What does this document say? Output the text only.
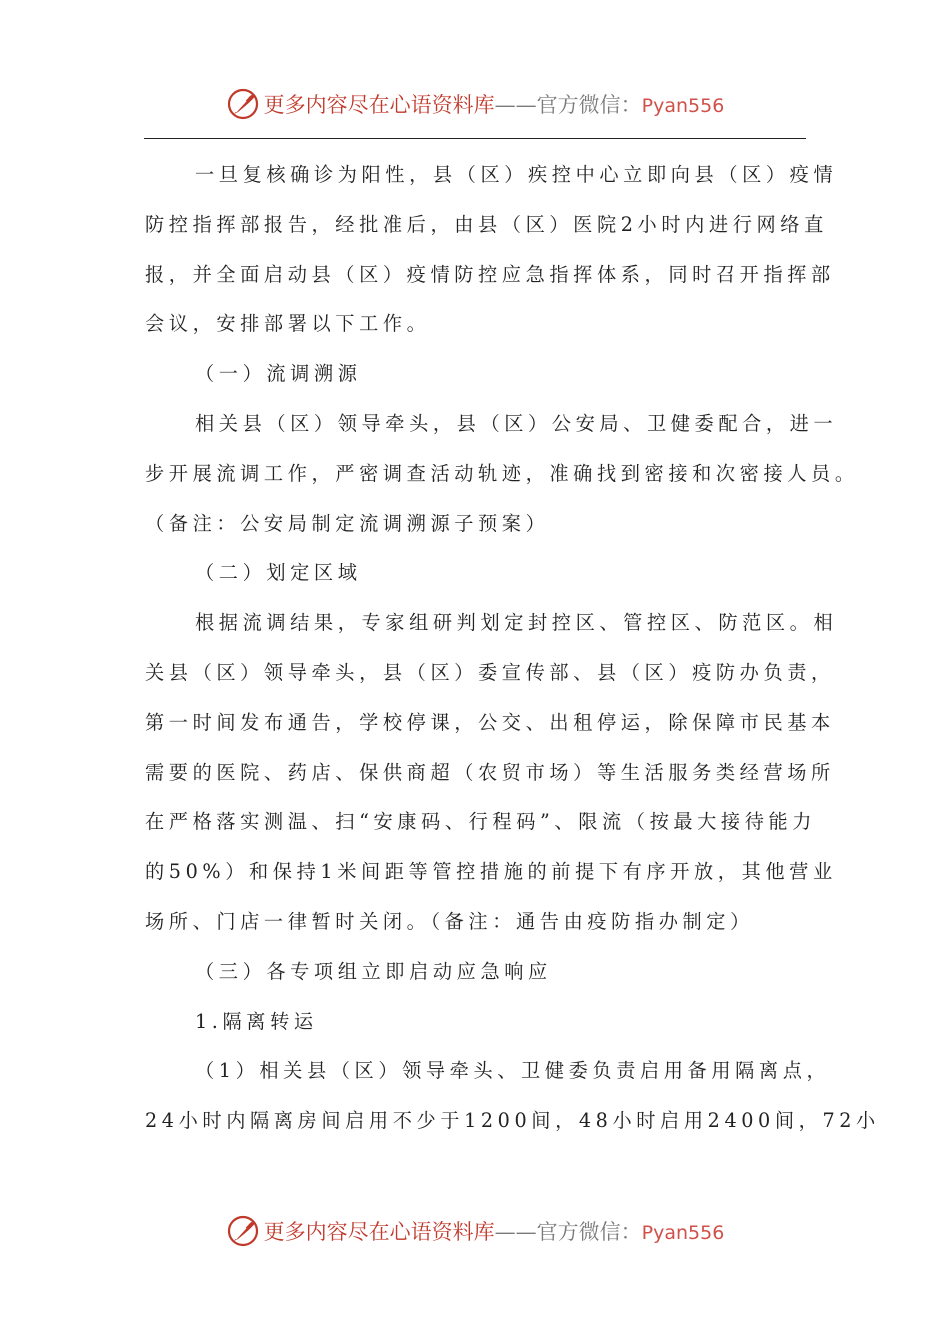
更多内容尽在心语资料库——官方微信：Pyan556

一旦复核确诊为阳性，县（区）疾控中心立即向县（区）疫情
防控指挥部报告，经批准后，由县（区）医院2小时内进行网络直
报，并全面启动县（区）疫情防控应急指挥体系，同时召开指挥部
会议，安排部署以下工作。

（一）流调溯源

相关县（区）领导牵头，县（区）公安局、卫健委配合，进一
步开展流调工作，严密调查活动轨迹，准确找到密接和次密接人员。
（备注：公安局制定流调溯源子预案）

（二）划定区域

根据流调结果，专家组研判划定封控区、管控区、防范区。相
关县（区）领导牵头，县（区）委宣传部、县（区）疫防办负责，
第一时间发布通告，学校停课，公交、出租停运，除保障市民基本
需要的医院、药店、保供商超（农贸市场）等生活服务类经营场所
在严格落实测温、扫“安康码、行程码”、限流（按最大接待能力
的50%）和保持1米间距等管控措施的前提下有序开放，其他营业
场所、门店一律暂时关闭。（备注：通告由疫防指办制定）

（三）各专项组立即启动应急响应

1.隔离转运

（1）相关县（区）领导牵头、卫健委负责启用备用隔离点，
24小时内隔离房间启用不少于1200间，48小时启用2400间，72小

更多内容尽在心语资料库——官方微信：Pyan556
